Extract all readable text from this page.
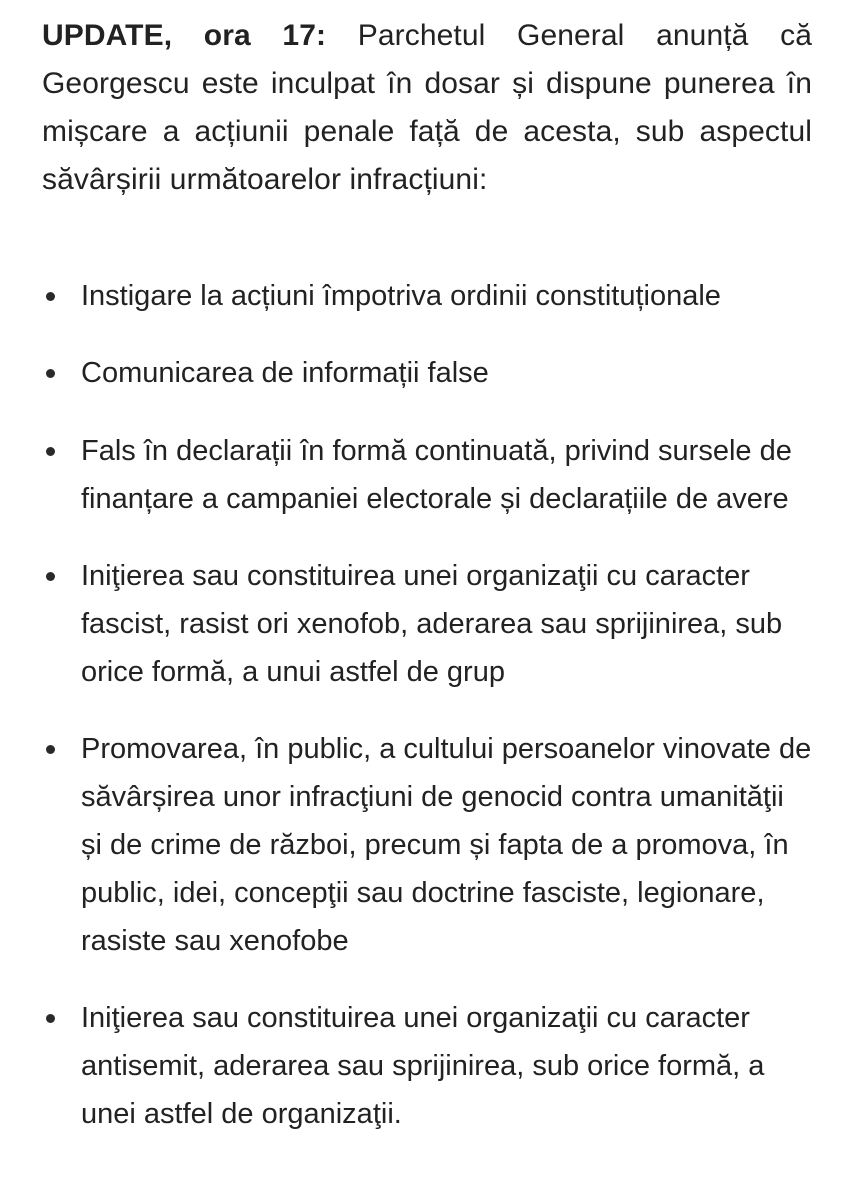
UPDATE, ora 17: Parchetul General anunță că Georgescu este inculpat în dosar și dispune punerea în mișcare a acțiunii penale față de acesta, sub aspectul săvârșirii următoarelor infracțiuni:

Instigare la acțiuni împotriva ordinii constituționale
Comunicarea de informații false
Fals în declarații în formă continuată, privind sursele de finanțare a campaniei electorale și declarațiile de avere
Iniţierea sau constituirea unei organizaţii cu caracter fascist, rasist ori xenofob, aderarea sau sprijinirea, sub orice formă, a unui astfel de grup
Promovarea, în public, a cultului persoanelor vinovate de săvârșirea unor infracţiuni de genocid contra umanităţii și de crime de război, precum și fapta de a promova, în public, idei, concepţii sau doctrine fasciste, legionare, rasiste sau xenofobe
Iniţierea sau constituirea unei organizaţii cu caracter antisemit, aderarea sau sprijinirea, sub orice formă, a unei astfel de organizaţii.
